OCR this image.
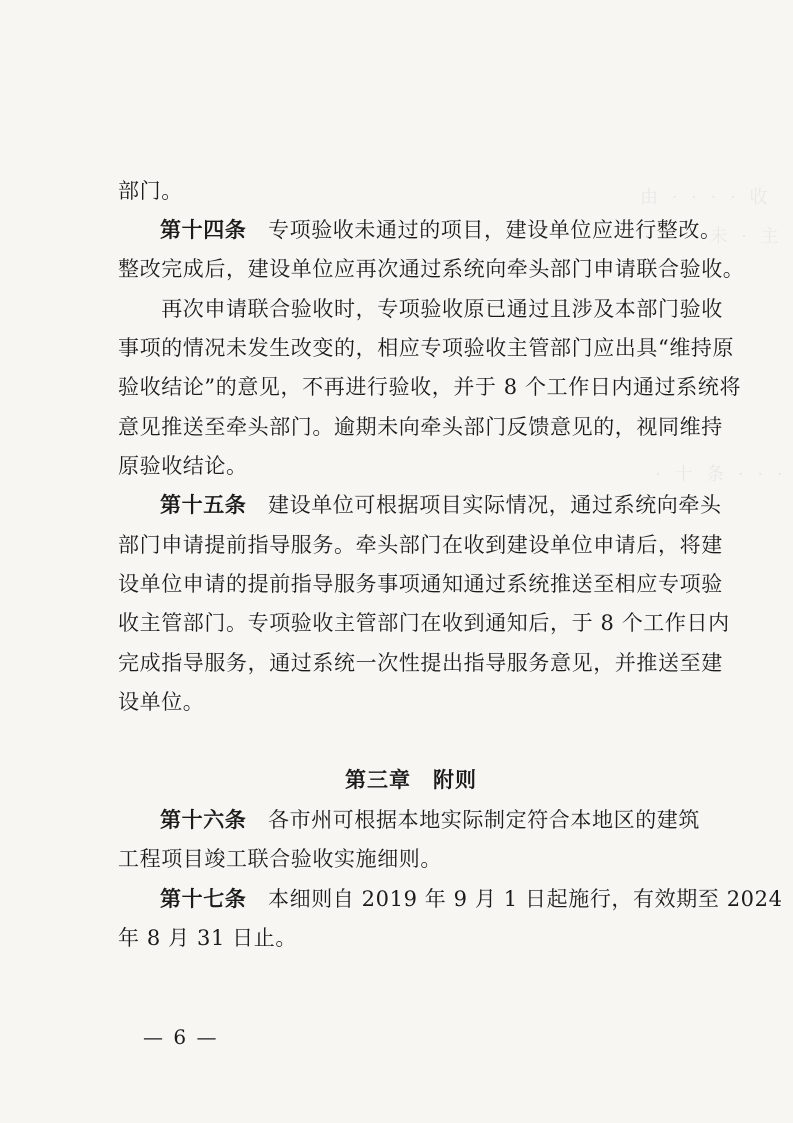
由 · · · · 收
· 未 · 主
· 十 条 · · ·
部门。
第十四条　专项验收未通过的项目，建设单位应进行整改。
整改完成后，建设单位应再次通过系统向牵头部门申请联合验收。
　　再次申请联合验收时，专项验收原已通过且涉及本部门验收
事项的情况未发生改变的，相应专项验收主管部门应出具“维持原
验收结论”的意见，不再进行验收，并于 8 个工作日内通过系统将
意见推送至牵头部门。逾期未向牵头部门反馈意见的，视同维持
原验收结论。
第十五条　建设单位可根据项目实际情况，通过系统向牵头
部门申请提前指导服务。牵头部门在收到建设单位申请后，将建
设单位申请的提前指导服务事项通知通过系统推送至相应专项验
收主管部门。专项验收主管部门在收到通知后，于 8 个工作日内
完成指导服务，通过系统一次性提出指导服务意见，并推送至建
设单位。
第三章　附则
第十六条　各市州可根据本地实际制定符合本地区的建筑
工程项目竣工联合验收实施细则。
第十七条　本细则自 2019 年 9 月 1 日起施行，有效期至 2024
年 8 月 31 日止。
— 6 —
